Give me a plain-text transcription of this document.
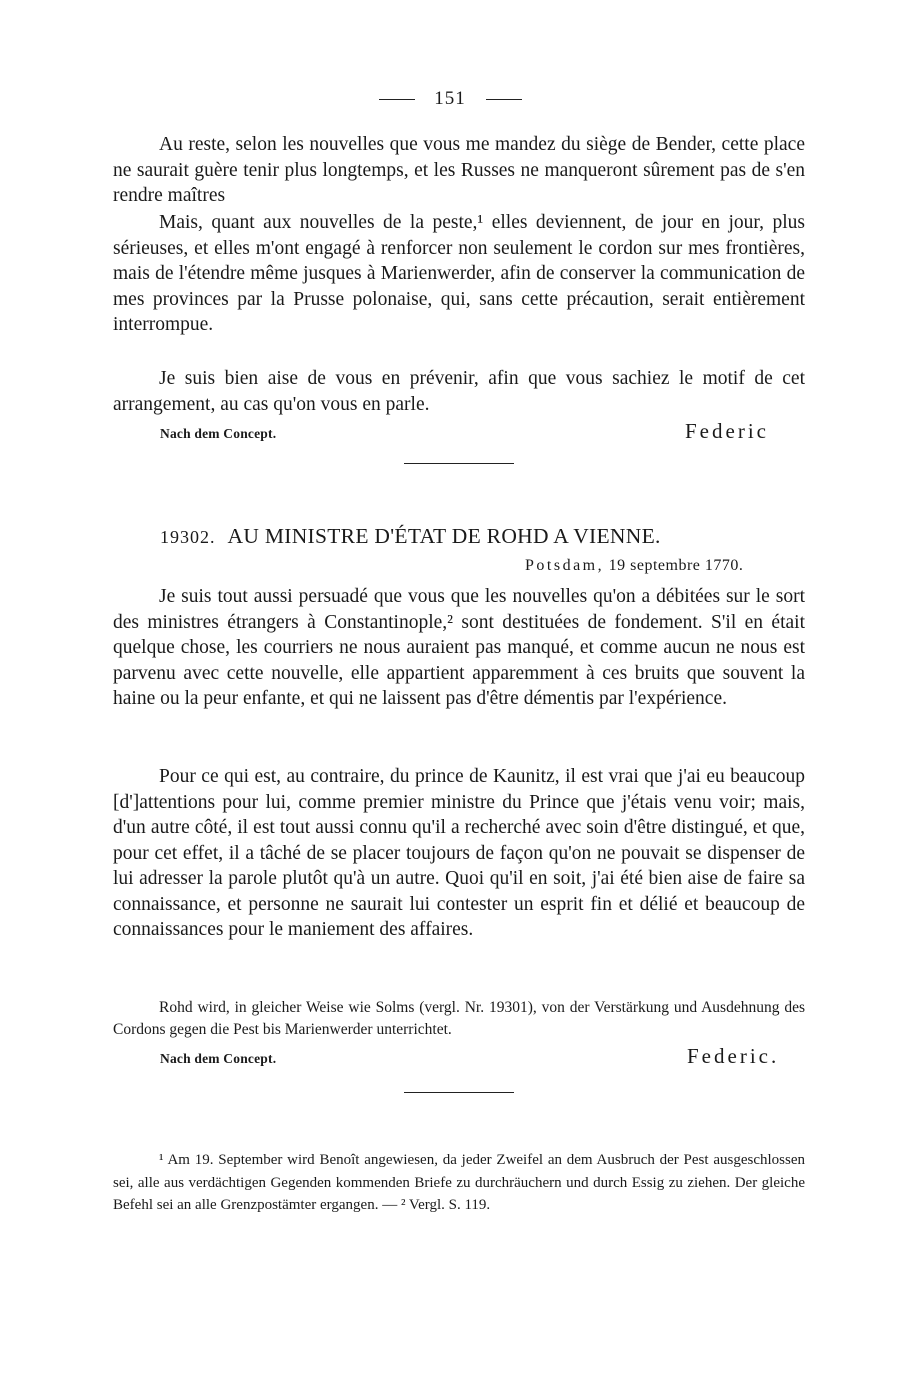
151

Au reste, selon les nouvelles que vous me mandez du siège de Bender, cette place ne saurait guère tenir plus longtemps, et les Russes ne manqueront sûrement pas de s'en rendre maîtres

Mais, quant aux nouvelles de la peste,¹ elles deviennent, de jour en jour, plus sérieuses, et elles m'ont engagé à renforcer non seulement le cordon sur mes frontières, mais de l'étendre même jusques à Marienwerder, afin de conserver la communication de mes provinces par la Prusse polonaise, qui, sans cette précaution, serait entièrement interrompue.

Je suis bien aise de vous en prévenir, afin que vous sachiez le motif de cet arrangement, au cas qu'on vous en parle.

Nach dem Concept.	Federic
19302. AU MINISTRE D'ÉTAT DE ROHD A VIENNE.
Potsdam, 19 septembre 1770.

Je suis tout aussi persuadé que vous que les nouvelles qu'on a débitées sur le sort des ministres étrangers à Constantinople,² sont destituées de fondement. S'il en était quelque chose, les courriers ne nous auraient pas manqué, et comme aucun ne nous est parvenu avec cette nouvelle, elle appartient apparemment à ces bruits que souvent la haine ou la peur enfante, et qui ne laissent pas d'être démentis par l'expérience.

Pour ce qui est, au contraire, du prince de Kaunitz, il est vrai que j'ai eu beaucoup [d']attentions pour lui, comme premier ministre du Prince que j'étais venu voir; mais, d'un autre côté, il est tout aussi connu qu'il a recherché avec soin d'être distingué, et que, pour cet effet, il a tâché de se placer toujours de façon qu'on ne pouvait se dispenser de lui adresser la parole plutôt qu'à un autre. Quoi qu'il en soit, j'ai été bien aise de faire sa connaissance, et personne ne saurait lui contester un esprit fin et délié et beaucoup de connaissances pour le maniement des affaires.

Rohd wird, in gleicher Weise wie Solms (vergl. Nr. 19301), von der Verstärkung und Ausdehnung des Cordons gegen die Pest bis Marienwerder unterrichtet.

Nach dem Concept.	Federic.

¹ Am 19. September wird Benoît angewiesen, da jeder Zweifel an dem Ausbruch der Pest ausgeschlossen sei, alle aus verdächtigen Gegenden kommenden Briefe zu durchräuchern und durch Essig zu ziehen. Der gleiche Befehl sei an alle Grenzpostämter ergangen. — ² Vergl. S. 119.
